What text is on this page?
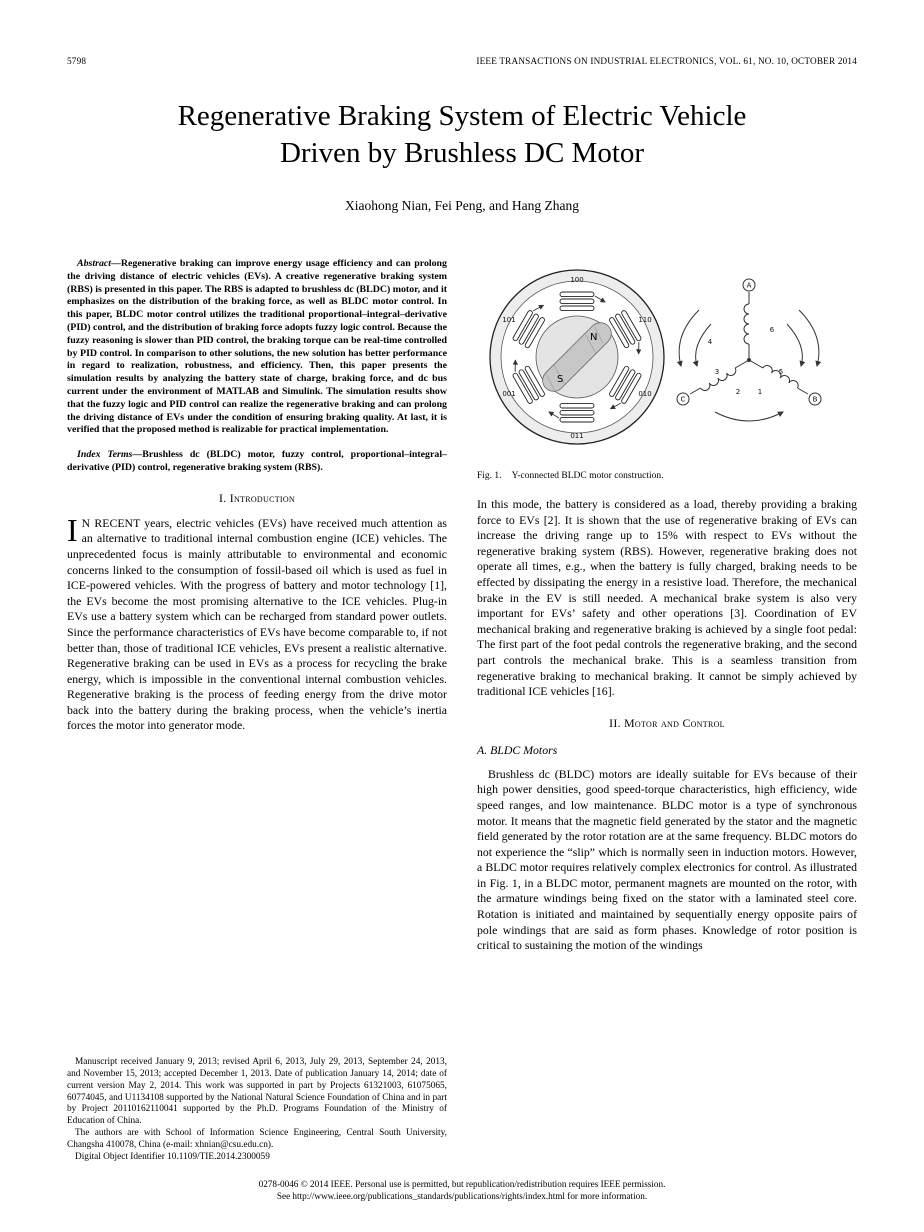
5798	IEEE TRANSACTIONS ON INDUSTRIAL ELECTRONICS, VOL. 61, NO. 10, OCTOBER 2014
Regenerative Braking System of Electric Vehicle
Driven by Brushless DC Motor
Xiaohong Nian, Fei Peng, and Hang Zhang

Abstract—Regenerative braking can improve energy usage efficiency and can prolong the driving distance of electric vehicles (EVs). A creative regenerative braking system (RBS) is presented in this paper. The RBS is adapted to brushless dc (BLDC) motor, and it emphasizes on the distribution of the braking force, as well as BLDC motor control. In this paper, BLDC motor control utilizes the traditional proportional–integral–derivative (PID) control, and the distribution of braking force adopts fuzzy logic control. Because the fuzzy reasoning is slower than PID control, the braking torque can be real-time controlled by PID control. In comparison to other solutions, the new solution has better performance in regard to realization, robustness, and efficiency. Then, this paper presents the simulation results by analyzing the battery state of charge, braking force, and dc bus current under the environment of MATLAB and Simulink. The simulation results show that the fuzzy logic and PID control can realize the regenerative braking and can prolong the driving distance of EVs under the condition of ensuring braking quality. At last, it is verified that the proposed method is realizable for practical implementation.

Index Terms—Brushless dc (BLDC) motor, fuzzy control, proportional–integral–derivative (PID) control, regenerative braking system (RBS).

I. Introduction

I N RECENT years, electric vehicles (EVs) have received much attention as an alternative to traditional internal combustion engine (ICE) vehicles. The unprecedented focus is mainly attributable to environmental and economic concerns linked to the consumption of fossil-based oil which is used as fuel in ICE-powered vehicles. With the progress of battery and motor technology [1], the EVs become the most promising alternative to the ICE vehicles. Plug-in EVs use a battery system which can be recharged from standard power outlets. Since the performance characteristics of EVs have become comparable to, if not better than, those of traditional ICE vehicles, EVs present a realistic alternative. Regenerative braking can be used in EVs as a process for recycling the brake energy, which is impossible in the conventional internal combustion vehicles. Regenerative braking is the process of feeding energy from the drive motor back into the battery during the braking process, when the vehicle’s inertia forces the motor into generator mode.

Manuscript received January 9, 2013; revised April 6, 2013, July 29, 2013, September 24, 2013, and November 15, 2013; accepted December 1, 2013. Date of publication January 14, 2014; date of current version May 2, 2014. This work was supported in part by Projects 61321003, 61075065, 60774045, and U1134108 supported by the National Natural Science Foundation of China and in part by Project 20110162110041 supported by the Ph.D. Programs Foundation of the Ministry of Education of China.

The authors are with School of Information Science Engineering, Central South University, Changsha 410078, China (e-mail: xhnian@csu.edu.cn).

Digital Object Identifier 10.1109/TIE.2014.2300059

N
S
100
110
010
011
001
101
A
B
C
1
2
3
4
5
6
Fig. 1. Y-connected BLDC motor construction.

In this mode, the battery is considered as a load, thereby providing a braking force to EVs [2]. It is shown that the use of regenerative braking of EVs can increase the driving range up to 15% with respect to EVs without the regenerative braking system (RBS). However, regenerative braking does not operate all times, e.g., when the battery is fully charged, braking needs to be effected by dissipating the energy in a resistive load. Therefore, the mechanical brake in the EV is still needed. A mechanical brake system is also very important for EVs’ safety and other operations [3]. Coordination of EV mechanical braking and regenerative braking is achieved by a single foot pedal: The first part of the foot pedal controls the regenerative braking, and the second part controls the mechanical brake. This is a seamless transition from regenerative braking to mechanical braking. It cannot be simply achieved by traditional ICE vehicles [16].

II. Motor and Control
A. BLDC Motors

Brushless dc (BLDC) motors are ideally suitable for EVs because of their high power densities, good speed-torque characteristics, high efficiency, wide speed ranges, and low maintenance. BLDC motor is a type of synchronous motor. It means that the magnetic field generated by the stator and the magnetic field generated by the rotor rotation are at the same frequency. BLDC motors do not experience the “slip” which is normally seen in induction motors. However, a BLDC motor requires relatively complex electronics for control. As illustrated in Fig. 1, in a BLDC motor, permanent magnets are mounted on the rotor, with the armature windings being fixed on the stator with a laminated steel core. Rotation is initiated and maintained by sequentially energy opposite pairs of pole windings that are said as form phases. Knowledge of rotor position is critical to sustaining the motion of the windings

0278-0046 © 2014 IEEE. Personal use is permitted, but republication/redistribution requires IEEE permission.
See http://www.ieee.org/publications_standards/publications/rights/index.html for more information.
